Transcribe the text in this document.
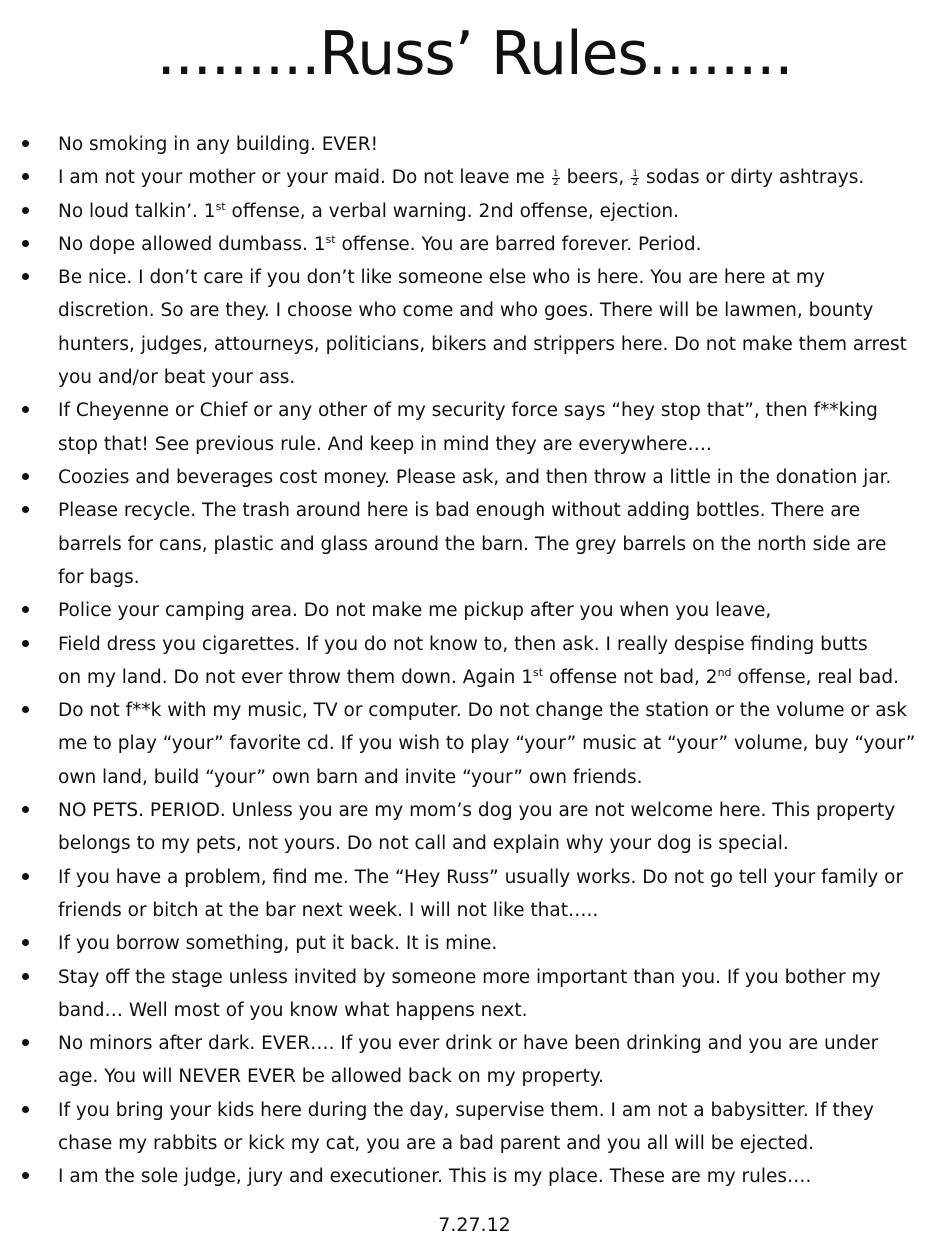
.........Russ’ Rules........
No smoking in any building. EVER!
I am not your mother or your maid. Do not leave me $\frac{1}{2}$ beers, $\frac{1}{2}$ sodas or dirty ashtrays.
No loud talkin’. 1st offense, a verbal warning. 2nd offense, ejection.
No dope allowed dumbass. 1st offense. You are barred forever. Period.
Be nice. I don’t care if you don’t like someone else who is here. You are here at my
discretion. So are they. I choose who come and who goes. There will be lawmen, bounty
hunters, judges, attourneys, politicians, bikers and strippers here. Do not make them arrest
you and/or beat your ass.
If Cheyenne or Chief or any other of my security force says “hey stop that”, then f**king
stop that! See previous rule. And keep in mind they are everywhere….
Coozies and beverages cost money. Please ask, and then throw a little in the donation jar.
Please recycle. The trash around here is bad enough without adding bottles. There are
barrels for cans, plastic and glass around the barn. The grey barrels on the north side are
for bags.
Police your camping area. Do not make me pickup after you when you leave,
Field dress you cigarettes. If you do not know to, then ask. I really despise finding butts
on my land. Do not ever throw them down. Again 1st offense not bad, 2nd offense, real bad.
Do not f**k with my music, TV or computer. Do not change the station or the volume or ask
me to play “your” favorite cd. If you wish to play “your” music at “your” volume, buy “your”
own land, build “your” own barn and invite “your” own friends.
NO PETS. PERIOD. Unless you are my mom’s dog you are not welcome here. This property
belongs to my pets, not yours. Do not call and explain why your dog is special.
If you have a problem, find me. The “Hey Russ” usually works. Do not go tell your family or
friends or bitch at the bar next week. I will not like that…..
If you borrow something, put it back. It is mine.
Stay off the stage unless invited by someone more important than you. If you bother my
band… Well most of you know what happens next.
No minors after dark. EVER…. If you ever drink or have been drinking and you are under
age. You will NEVER EVER be allowed back on my property.
If you bring your kids here during the day, supervise them. I am not a babysitter. If they
chase my rabbits or kick my cat, you are a bad parent and you all will be ejected.
I am the sole judge, jury and executioner. This is my place. These are my rules….
7.27.12
